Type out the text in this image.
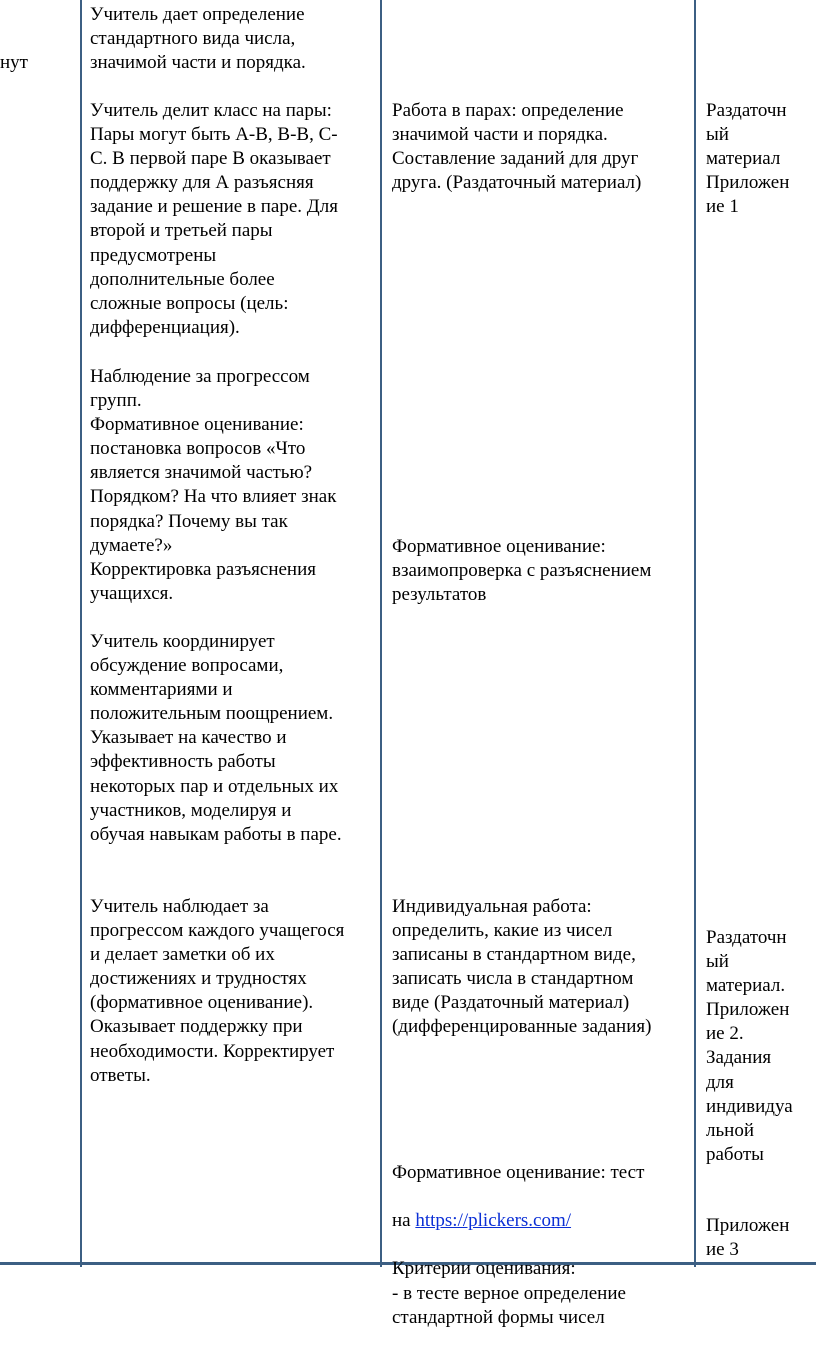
нут

Учитель дает определение
стандартного вида числа,
значимой части и порядка.

Учитель делит класс на пары:
Пары могут быть А-В, В-В, С-
С. В первой паре В оказывает
поддержку для А разъясняя
задание и решение в паре. Для
второй и третьей пары
предусмотрены
дополнительные более
сложные вопросы (цель:
дифференциация).

Наблюдение за прогрессом
групп.
Формативное оценивание:
постановка вопросов «Что
является значимой частью?
Порядком? На что влияет знак
порядка? Почему вы так
думаете?»
Корректировка разъяснения
учащихся.

Учитель координирует
обсуждение вопросами,
комментариями и
положительным поощрением.
Указывает на качество и
эффективность работы
некоторых пар и отдельных их
участников, моделируя и
обучая навыкам работы в паре.

Учитель наблюдает за
прогрессом каждого учащегося
и делает заметки об их
достижениях и трудностях
(формативное оценивание).
Оказывает поддержку при
необходимости. Корректирует
ответы.

Работа в парах: определение
значимой части и порядка.
Составление заданий для друг
друга. (Раздаточный материал)

Формативное оценивание:
взаимопроверка с разъяснением
результатов

Индивидуальная работа:
определить, какие из чисел
записаны в стандартном виде,
записать числа в стандартном
виде (Раздаточный материал)
(дифференцированные задания)

Формативное оценивание: тест

на https://plickers.com/

Критерии оценивания:
- в тесте верное определение
стандартной формы чисел

Раздаточн
ый
материал
Приложен
ие 1

Раздаточн
ый
материал.
Приложен
ие 2.
Задания
для
индивидуа
льной
работы

Приложен
ие 3
